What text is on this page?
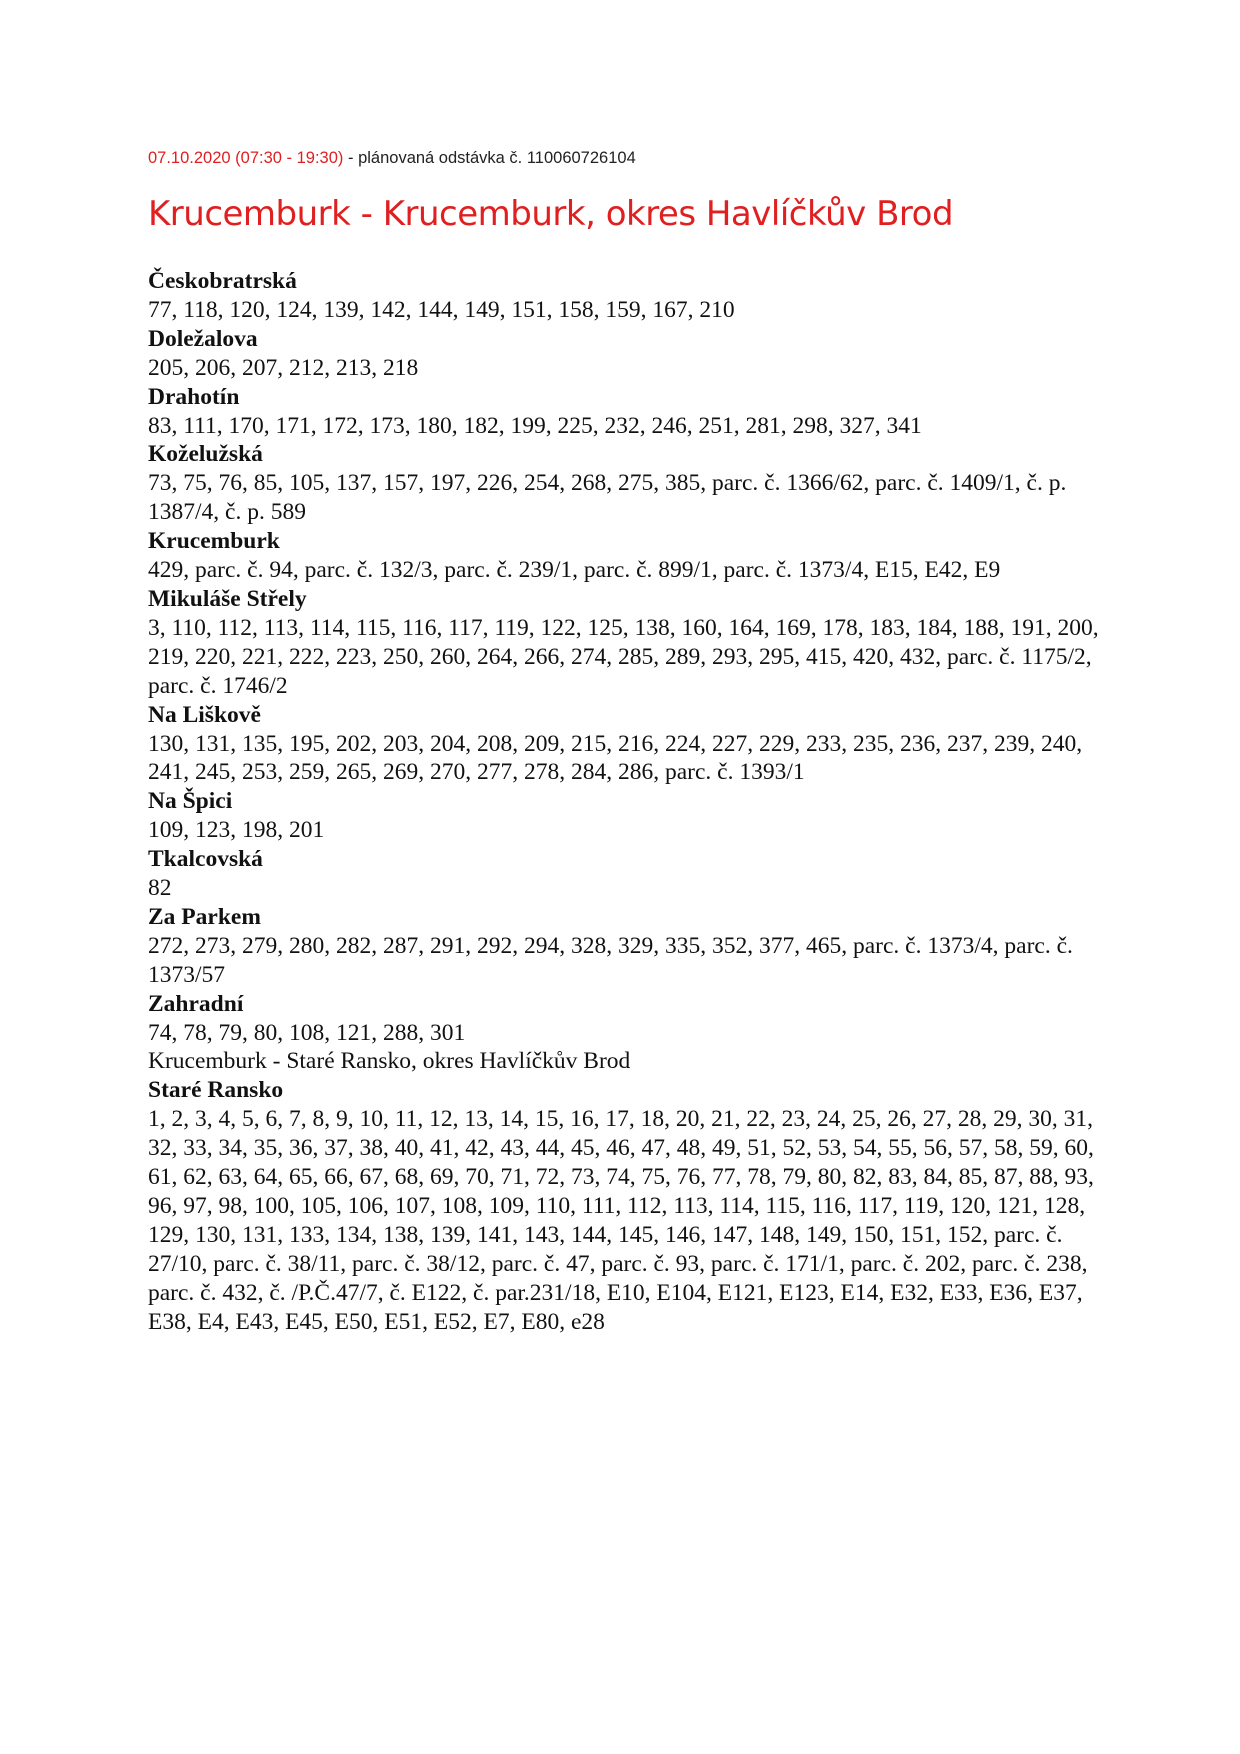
07.10.2020 (07:30 - 19:30) - plánovaná odstávka č. 110060726104
Krucemburk - Krucemburk, okres Havlíčkův Brod
Českobratrská
77, 118, 120, 124, 139, 142, 144, 149, 151, 158, 159, 167, 210
Doležalova
205, 206, 207, 212, 213, 218
Drahotín
83, 111, 170, 171, 172, 173, 180, 182, 199, 225, 232, 246, 251, 281, 298, 327, 341
Koželužská
73, 75, 76, 85, 105, 137, 157, 197, 226, 254, 268, 275, 385, parc. č. 1366/62, parc. č. 1409/1, č. p. 1387/4, č. p. 589
Krucemburk
429, parc. č. 94, parc. č. 132/3, parc. č. 239/1, parc. č. 899/1, parc. č. 1373/4, E15, E42, E9
Mikuláše Střely
3, 110, 112, 113, 114, 115, 116, 117, 119, 122, 125, 138, 160, 164, 169, 178, 183, 184, 188, 191, 200, 219, 220, 221, 222, 223, 250, 260, 264, 266, 274, 285, 289, 293, 295, 415, 420, 432, parc. č. 1175/2, parc. č. 1746/2
Na Liškově
130, 131, 135, 195, 202, 203, 204, 208, 209, 215, 216, 224, 227, 229, 233, 235, 236, 237, 239, 240, 241, 245, 253, 259, 265, 269, 270, 277, 278, 284, 286, parc. č. 1393/1
Na Špici
109, 123, 198, 201
Tkalcovská
82
Za Parkem
272, 273, 279, 280, 282, 287, 291, 292, 294, 328, 329, 335, 352, 377, 465, parc. č. 1373/4, parc. č. 1373/57
Zahradní
74, 78, 79, 80, 108, 121, 288, 301
Krucemburk - Staré Ransko, okres Havlíčkův Brod
Staré Ransko
1, 2, 3, 4, 5, 6, 7, 8, 9, 10, 11, 12, 13, 14, 15, 16, 17, 18, 20, 21, 22, 23, 24, 25, 26, 27, 28, 29, 30, 31, 32, 33, 34, 35, 36, 37, 38, 40, 41, 42, 43, 44, 45, 46, 47, 48, 49, 51, 52, 53, 54, 55, 56, 57, 58, 59, 60, 61, 62, 63, 64, 65, 66, 67, 68, 69, 70, 71, 72, 73, 74, 75, 76, 77, 78, 79, 80, 82, 83, 84, 85, 87, 88, 93, 96, 97, 98, 100, 105, 106, 107, 108, 109, 110, 111, 112, 113, 114, 115, 116, 117, 119, 120, 121, 128, 129, 130, 131, 133, 134, 138, 139, 141, 143, 144, 145, 146, 147, 148, 149, 150, 151, 152, parc. č. 27/10, parc. č. 38/11, parc. č. 38/12, parc. č. 47, parc. č. 93, parc. č. 171/1, parc. č. 202, parc. č. 238, parc. č. 432, č. /P.Č.47/7, č. E122, č. par.231/18, E10, E104, E121, E123, E14, E32, E33, E36, E37, E38, E4, E43, E45, E50, E51, E52, E7, E80, e28
